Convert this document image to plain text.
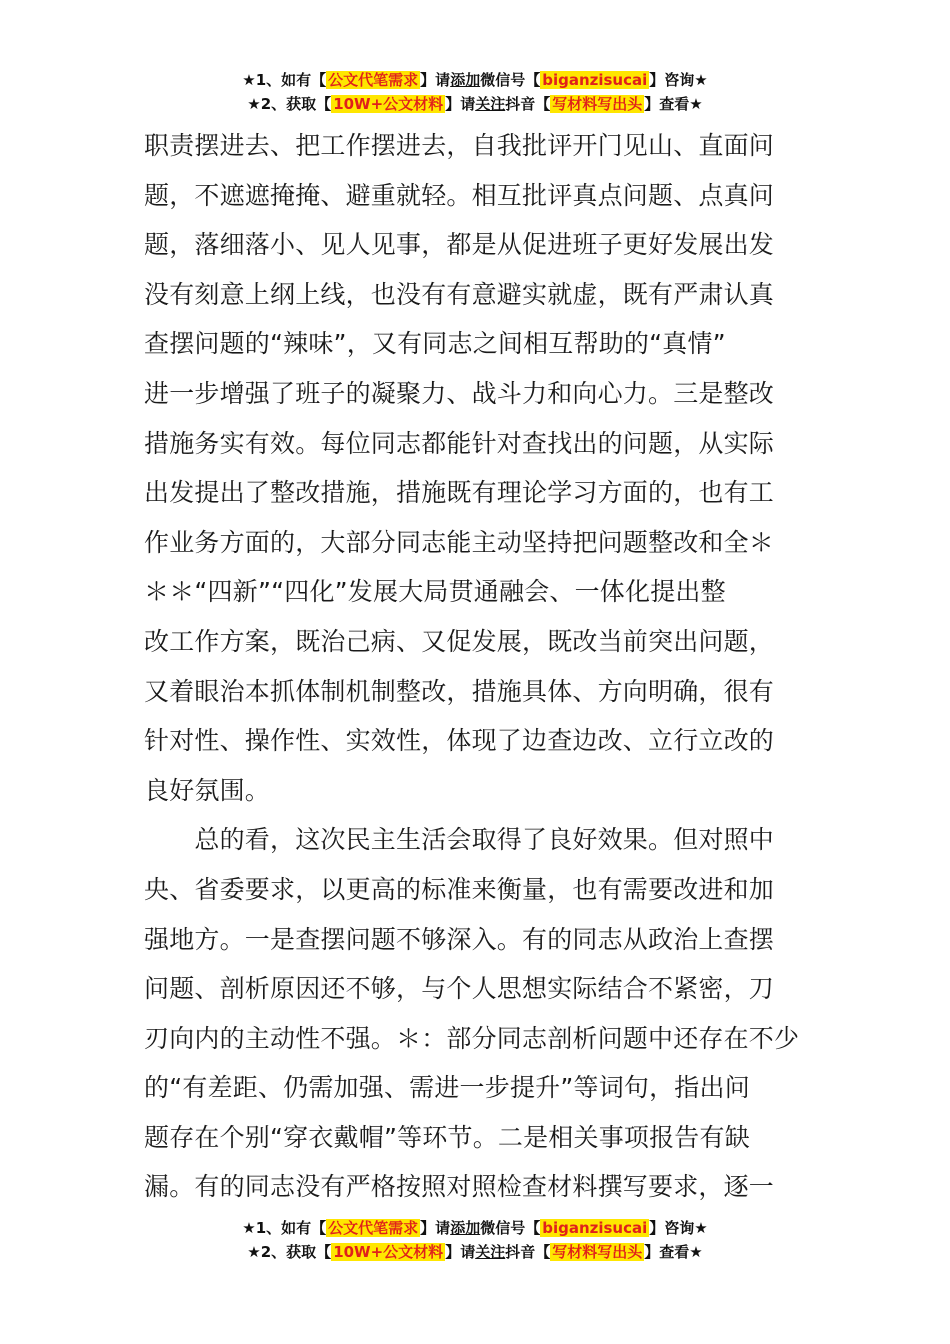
★1、如有【 公文代笔需求 】请添加微信号【 biganzisucai 】咨询★
★2、获取【 10W+公文材料 】请关注抖音【 写材料写出头 】查看★
职责摆进去、把工作摆进去，自我批评开门见山、直面问
题，不遮遮掩掩、避重就轻。相互批评真点问题、点真问
题，落细落小、见人见事，都是从促进班子更好发展出发
没有刻意上纲上线，也没有有意避实就虚，既有严肃认真
查摆问题的“辣味”，又有同志之间相互帮助的“真情”
进一步增强了班子的凝聚力、战斗力和向心力。三是整改
措施务实有效。每位同志都能针对查找出的问题，从实际
出发提出了整改措施，措施既有理论学习方面的，也有工
作业务方面的，大部分同志能主动坚持把问题整改和全＊
＊＊“四新”“四化”发展大局贯通融会、一体化提出整
改工作方案，既治己病、又促发展，既改当前突出问题，
又着眼治本抓体制机制整改，措施具体、方向明确，很有
针对性、操作性、实效性，体现了边查边改、立行立改的
良好氛围。
　　总的看，这次民主生活会取得了良好效果。但对照中
央、省委要求，以更高的标准来衡量，也有需要改进和加
强地方。一是查摆问题不够深入。有的同志从政治上查摆
问题、剖析原因还不够，与个人思想实际结合不紧密，刀
刃向内的主动性不强。＊：部分同志剖析问题中还存在不少
的“有差距、仍需加强、需进一步提升”等词句，指出问
题存在个别“穿衣戴帽”等环节。二是相关事项报告有缺
漏。有的同志没有严格按照对照检查材料撰写要求，逐一
★1、如有【 公文代笔需求 】请添加微信号【 biganzisucai 】咨询★
★2、获取【 10W+公文材料 】请关注抖音【 写材料写出头 】查看★
